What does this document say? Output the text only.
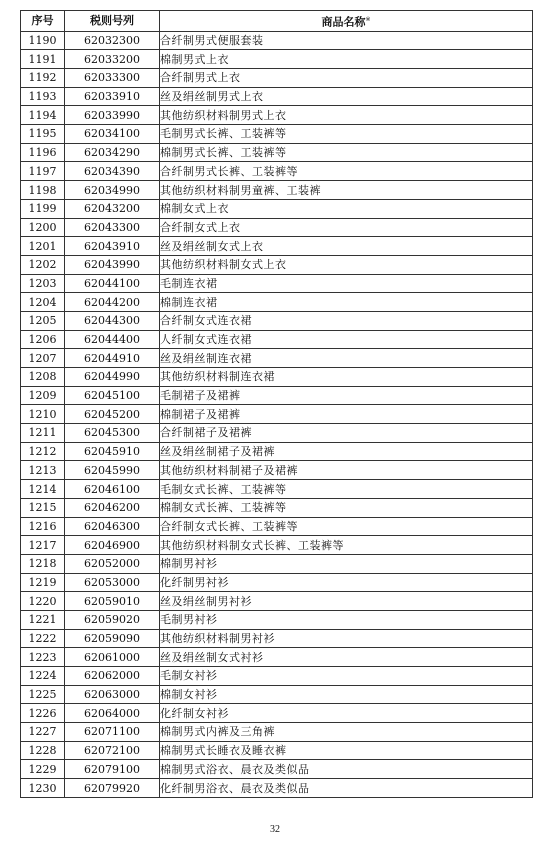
序号	税则号列	商品名称※
1190	62032300	合纤制男式便服套装
1191	62033200	棉制男式上衣
1192	62033300	合纤制男式上衣
1193	62033910	丝及绢丝制男式上衣
1194	62033990	其他纺织材料制男式上衣
1195	62034100	毛制男式长裤、工装裤等
1196	62034290	棉制男式长裤、工装裤等
1197	62034390	合纤制男式长裤、工装裤等
1198	62034990	其他纺织材料制男童裤、工装裤
1199	62043200	棉制女式上衣
1200	62043300	合纤制女式上衣
1201	62043910	丝及绢丝制女式上衣
1202	62043990	其他纺织材料制女式上衣
1203	62044100	毛制连衣裙
1204	62044200	棉制连衣裙
1205	62044300	合纤制女式连衣裙
1206	62044400	人纤制女式连衣裙
1207	62044910	丝及绢丝制连衣裙
1208	62044990	其他纺织材料制连衣裙
1209	62045100	毛制裙子及裙裤
1210	62045200	棉制裙子及裙裤
1211	62045300	合纤制裙子及裙裤
1212	62045910	丝及绢丝制裙子及裙裤
1213	62045990	其他纺织材料制裙子及裙裤
1214	62046100	毛制女式长裤、工装裤等
1215	62046200	棉制女式长裤、工装裤等
1216	62046300	合纤制女式长裤、工装裤等
1217	62046900	其他纺织材料制女式长裤、工装裤等
1218	62052000	棉制男衬衫
1219	62053000	化纤制男衬衫
1220	62059010	丝及绢丝制男衬衫
1221	62059020	毛制男衬衫
1222	62059090	其他纺织材料制男衬衫
1223	62061000	丝及绢丝制女式衬衫
1224	62062000	毛制女衬衫
1225	62063000	棉制女衬衫
1226	62064000	化纤制女衬衫
1227	62071100	棉制男式内裤及三角裤
1228	62072100	棉制男式长睡衣及睡衣裤
1229	62079100	棉制男式浴衣、晨衣及类似品
1230	62079920	化纤制男浴衣、晨衣及类似品
32
